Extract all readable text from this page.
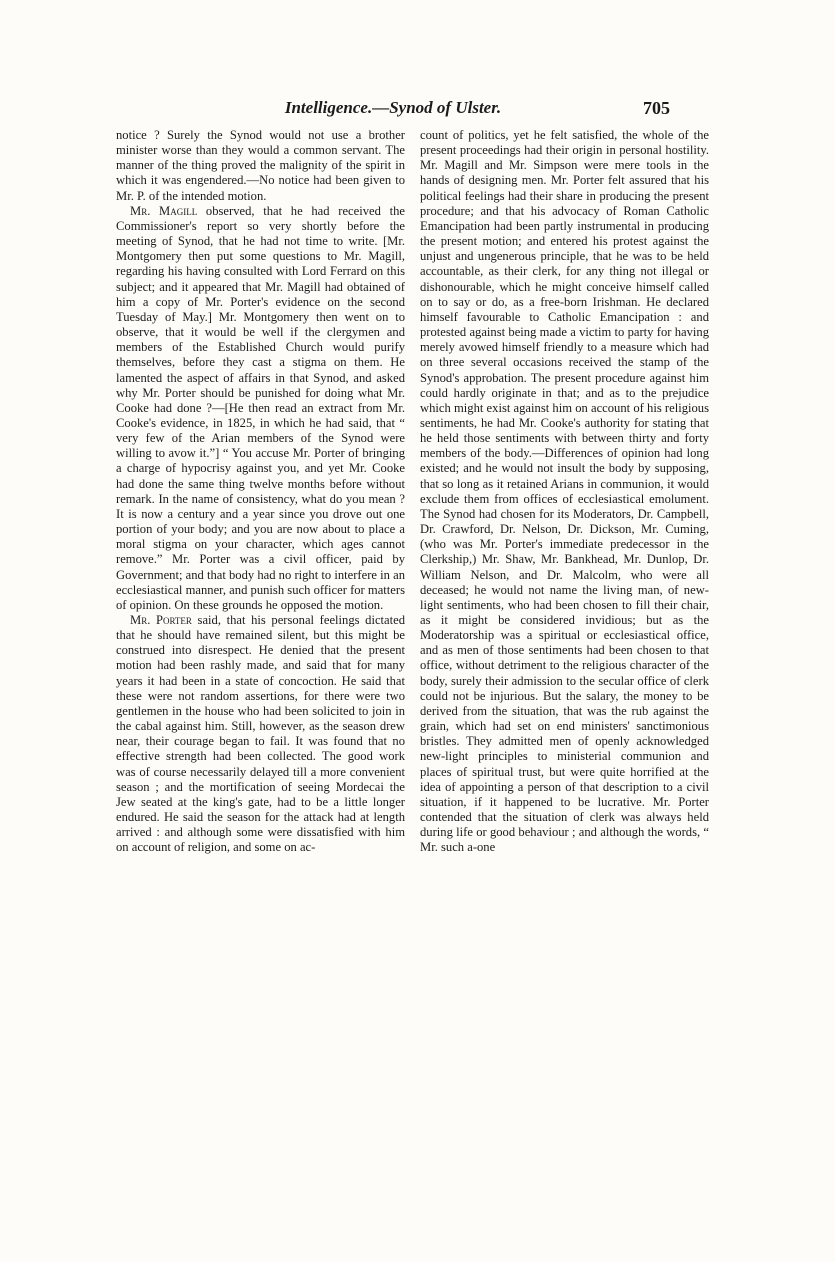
Intelligence.—Synod of Ulster.	705

notice ? Surely the Synod would not use a brother minister worse than they would a common servant. The manner of the thing proved the malignity of the spirit in which it was engendered.—No notice had been given to Mr. P. of the intended motion.

Mr. Magill observed, that he had received the Commissioner's report so very shortly before the meeting of Synod, that he had not time to write. [Mr. Montgomery then put some questions to Mr. Magill, regarding his having consulted with Lord Ferrard on this subject; and it appeared that Mr. Magill had obtained of him a copy of Mr. Porter's evidence on the second Tuesday of May.] Mr. Montgomery then went on to observe, that it would be well if the clergymen and members of the Established Church would purify themselves, before they cast a stigma on them. He lamented the aspect of affairs in that Synod, and asked why Mr. Porter should be punished for doing what Mr. Cooke had done ?—[He then read an extract from Mr. Cooke's evidence, in 1825, in which he had said, that “ very few of the Arian members of the Synod were willing to avow it.”] “ You accuse Mr. Porter of bringing a charge of hypocrisy against you, and yet Mr. Cooke had done the same thing twelve months before without remark. In the name of consistency, what do you mean ? It is now a century and a year since you drove out one portion of your body; and you are now about to place a moral stigma on your character, which ages cannot remove.” Mr. Porter was a civil officer, paid by Government; and that body had no right to interfere in an ecclesiastical manner, and punish such officer for matters of opinion. On these grounds he opposed the motion.

Mr. Porter said, that his personal feelings dictated that he should have remained silent, but this might be construed into disrespect. He denied that the present motion had been rashly made, and said that for many years it had been in a state of concoction. He said that these were not random assertions, for there were two gentlemen in the house who had been solicited to join in the cabal against him. Still, however, as the season drew near, their courage began to fail. It was found that no effective strength had been collected. The good work was of course necessarily delayed till a more convenient season ; and the mortification of seeing Mordecai the Jew seated at the king's gate, had to be a little longer endured. He said the season for the attack had at length arrived : and although some were dissatisfied with him on account of religion, and some on ac-

count of politics, yet he felt satisfied, the whole of the present proceedings had their origin in personal hostility. Mr. Magill and Mr. Simpson were mere tools in the hands of designing men. Mr. Porter felt assured that his political feelings had their share in producing the present procedure; and that his advocacy of Roman Catholic Emancipation had been partly instrumental in producing the present motion; and entered his protest against the unjust and ungenerous principle, that he was to be held accountable, as their clerk, for any thing not illegal or dishonourable, which he might conceive himself called on to say or do, as a free-born Irishman. He declared himself favourable to Catholic Emancipation : and protested against being made a victim to party for having merely avowed himself friendly to a measure which had on three several occasions received the stamp of the Synod's approbation. The present procedure against him could hardly originate in that; and as to the prejudice which might exist against him on account of his religious sentiments, he had Mr. Cooke's authority for stating that he held those sentiments with between thirty and forty members of the body.—Differences of opinion had long existed; and he would not insult the body by supposing, that so long as it retained Arians in communion, it would exclude them from offices of ecclesiastical emolument. The Synod had chosen for its Moderators, Dr. Campbell, Dr. Crawford, Dr. Nelson, Dr. Dickson, Mr. Cuming, (who was Mr. Porter's immediate predecessor in the Clerkship,) Mr. Shaw, Mr. Bankhead, Mr. Dunlop, Dr. William Nelson, and Dr. Malcolm, who were all deceased; he would not name the living man, of new-light sentiments, who had been chosen to fill their chair, as it might be considered invidious; but as the Moderatorship was a spiritual or ecclesiastical office, and as men of those sentiments had been chosen to that office, without detriment to the religious character of the body, surely their admission to the secular office of clerk could not be injurious. But the salary, the money to be derived from the situation, that was the rub against the grain, which had set on end ministers' sanctimonious bristles. They admitted men of openly acknowledged new-light principles to ministerial communion and places of spiritual trust, but were quite horrified at the idea of appointing a person of that description to a civil situation, if it happened to be lucrative. Mr. Porter contended that the situation of clerk was always held during life or good behaviour ; and although the words, “ Mr. such a-one
